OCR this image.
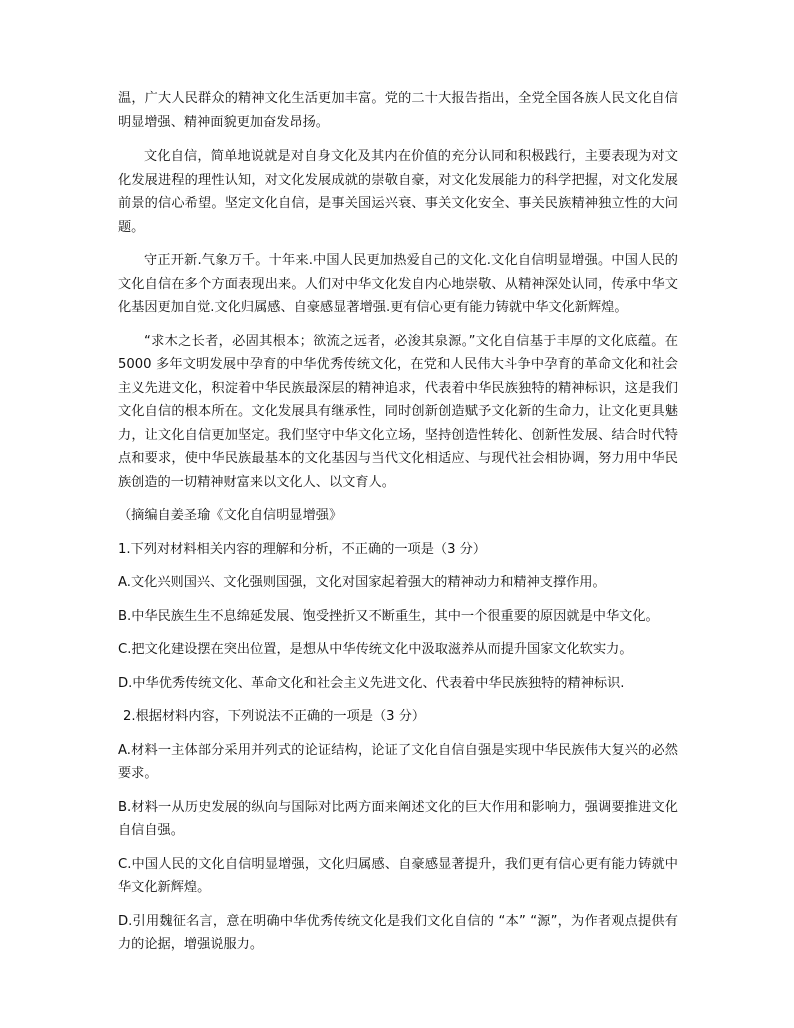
温，广大人民群众的精神文化生活更加丰富。党的二十大报告指出，全党全国各族人民文化自信明显增强、精神面貌更加奋发昂扬。

文化自信，简单地说就是对自身文化及其内在价值的充分认同和积极践行，主要表现为对文化发展进程的理性认知，对文化发展成就的崇敬自豪，对文化发展能力的科学把握，对文化发展前景的信心希望。坚定文化自信，是事关国运兴衰、事关文化安全、事关民族精神独立性的大问题。

守正开新.气象万千。十年来.中国人民更加热爱自己的文化.文化自信明显增强。中国人民的文化自信在多个方面表现出来。人们对中华文化发自内心地崇敬、从精神深处认同，传承中华文化基因更加自觉.文化归属感、自豪感显著增强.更有信心更有能力铸就中华文化新辉煌。

“求木之长者，必固其根本；欲流之远者，必浚其泉源。”文化自信基于丰厚的文化底蕴。在 5000 多年文明发展中孕育的中华优秀传统文化，在党和人民伟大斗争中孕育的革命文化和社会主义先进文化，积淀着中华民族最深层的精神追求，代表着中华民族独特的精神标识，这是我们文化自信的根本所在。文化发展具有继承性，同时创新创造赋予文化新的生命力，让文化更具魅力，让文化自信更加坚定。我们坚守中华文化立场，坚持创造性转化、创新性发展、结合时代特点和要求，使中华民族最基本的文化基因与当代文化相适应、与现代社会相协调，努力用中华民族创造的一切精神财富来以文化人、以文育人。

（摘编自姜圣瑜《文化自信明显增强》

1.下列对材料相关内容的理解和分析，不正确的一项是（3 分）

A.文化兴则国兴、文化强则国强，文化对国家起着强大的精神动力和精神支撑作用。

B.中华民族生生不息绵延发展、饱受挫折又不断重生，其中一个很重要的原因就是中华文化。

C.把文化建设摆在突出位置，是想从中华传统文化中汲取滋养从而提升国家文化软实力。

D.中华优秀传统文化、革命文化和社会主义先进文化、代表着中华民族独特的精神标识.

2.根据材料内容，下列说法不正确的一项是（3 分）

A.材料一主体部分采用并列式的论证结构，论证了文化自信自强是实现中华民族伟大复兴的必然要求。

B.材料一从历史发展的纵向与国际对比两方面来阐述文化的巨大作用和影响力，强调要推进文化自信自强。

C.中国人民的文化自信明显增强，文化归属感、自豪感显著提升，我们更有信心更有能力铸就中华文化新辉煌。

D.引用魏征名言，意在明确中华优秀传统文化是我们文化自信的 “本” “源”，为作者观点提供有力的论据，增强说服力。
